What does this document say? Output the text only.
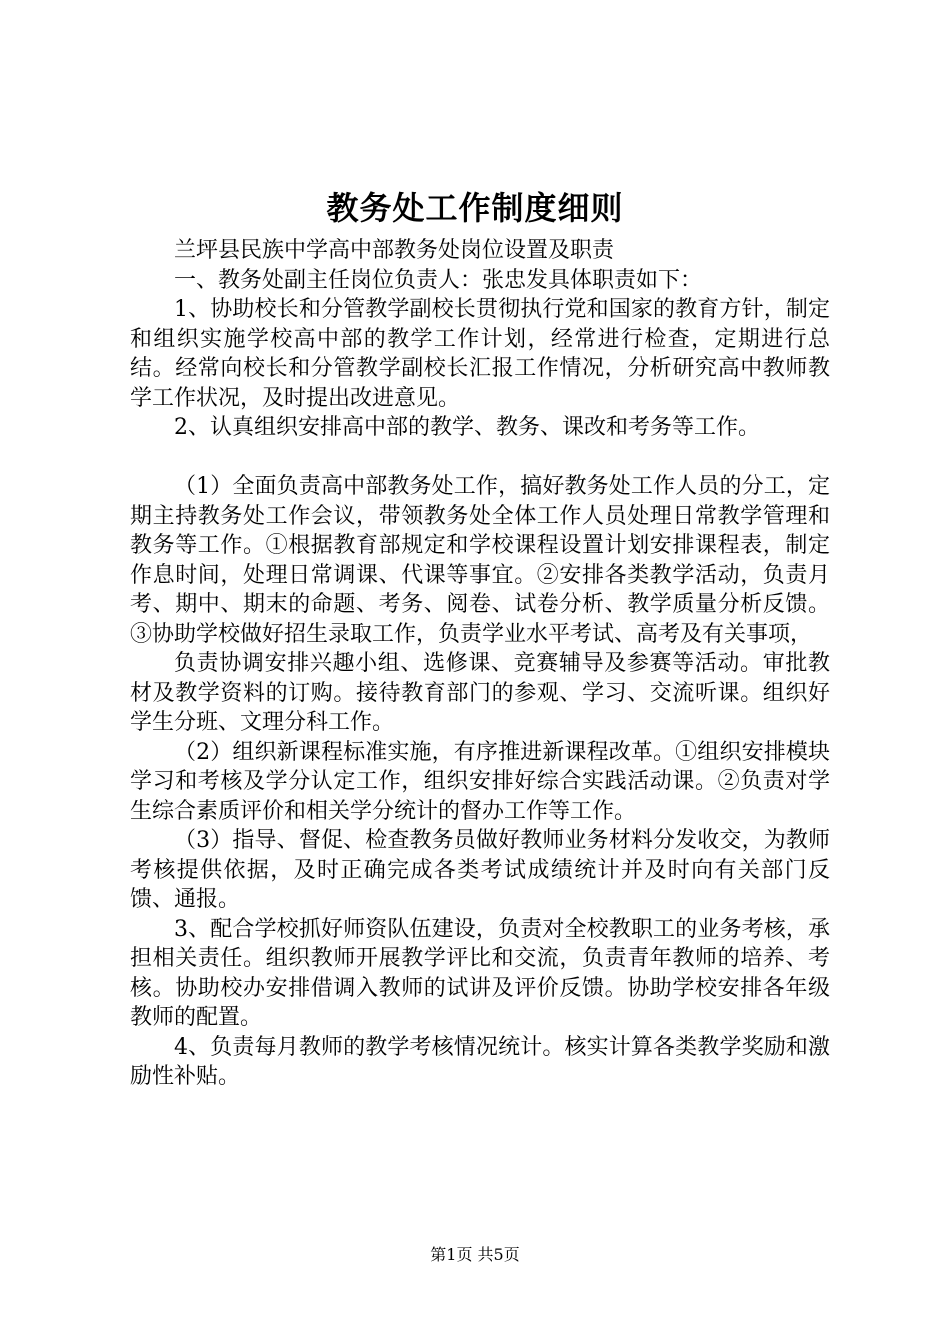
教务处工作制度细则

兰坪县民族中学高中部教务处岗位设置及职责

一、教务处副主任岗位负责人：张忠发具体职责如下：

1、协助校长和分管教学副校长贯彻执行党和国家的教育方针，制定和组织实施学校高中部的教学工作计划，经常进行检查，定期进行总结。经常向校长和分管教学副校长汇报工作情况，分析研究高中教师教学工作状况，及时提出改进意见。

2、认真组织安排高中部的教学、教务、课改和考务等工作。

（1）全面负责高中部教务处工作，搞好教务处工作人员的分工，定期主持教务处工作会议，带领教务处全体工作人员处理日常教学管理和教务等工作。①根据教育部规定和学校课程设置计划安排课程表，制定作息时间，处理日常调课、代课等事宜。②安排各类教学活动，负责月考、期中、期末的命题、考务、阅卷、试卷分析、教学质量分析反馈。③协助学校做好招生录取工作，负责学业水平考试、高考及有关事项，

负责协调安排兴趣小组、选修课、竞赛辅导及参赛等活动。审批教材及教学资料的订购。接待教育部门的参观、学习、交流听课。组织好学生分班、文理分科工作。

（2）组织新课程标准实施，有序推进新课程改革。①组织安排模块学习和考核及学分认定工作，组织安排好综合实践活动课。②负责对学生综合素质评价和相关学分统计的督办工作等工作。

（3）指导、督促、检查教务员做好教师业务材料分发收交，为教师考核提供依据，及时正确完成各类考试成绩统计并及时向有关部门反馈、通报。

3、配合学校抓好师资队伍建设，负责对全校教职工的业务考核，承担相关责任。组织教师开展教学评比和交流，负责青年教师的培养、考核。协助校办安排借调入教师的试讲及评价反馈。协助学校安排各年级教师的配置。

4、负责每月教师的教学考核情况统计。核实计算各类教学奖励和激励性补贴。

第1页 共5页
